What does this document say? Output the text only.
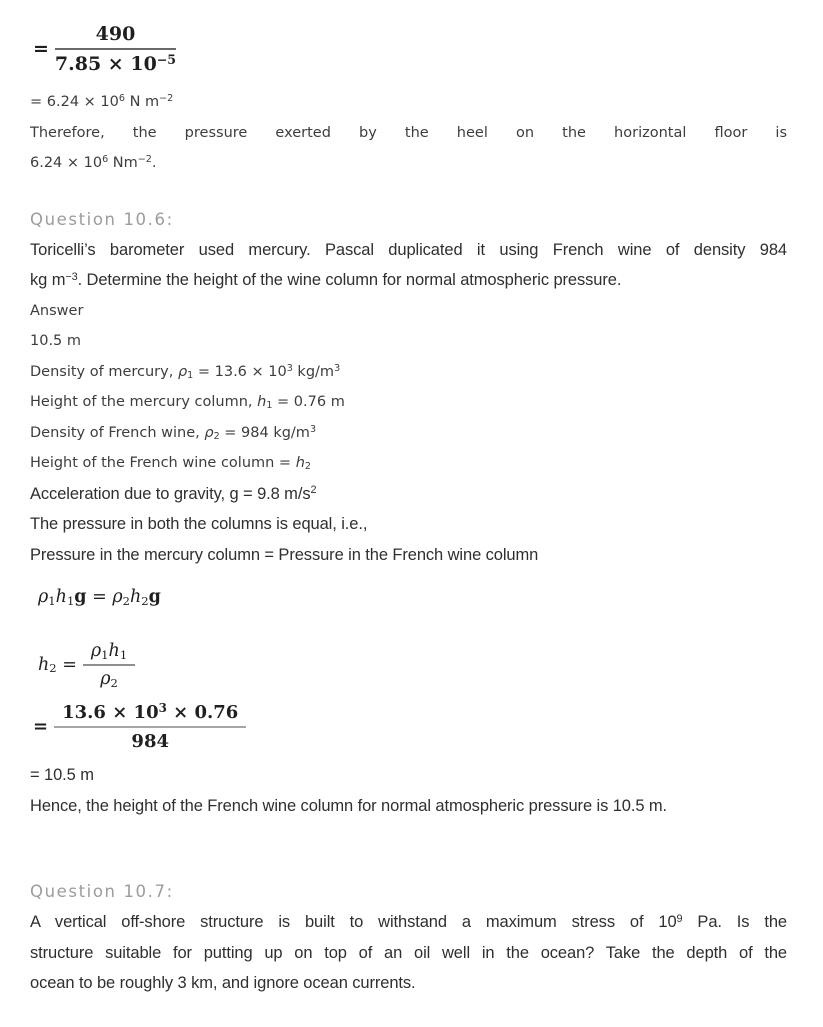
= $\frac{490}{7.85 \times 10^{-5}}$
= $6.24 \times 10^6$ N $m^{-2}$
Therefore, the pressure exerted by the heel on the horizontal floor is
$6.24 \times 10^6$ $Nm^{-2}$.
Question 10.6:
Toricelli’s barometer used mercury. Pascal duplicated it using French wine of density 984
kg $m^{-3}$. Determine the height of the wine column for normal atmospheric pressure.
Answer
10.5 m
Density of mercury, $\rho_1 = 13.6 \times 10^3$ $kg/m^3$
Height of the mercury column, $h_1 = 0.76$ m
Density of French wine, $\rho_2 = 984$ $kg/m^3$
Height of the French wine column = $h_2$
Acceleration due to gravity, g = 9.8 $m/s^2$
The pressure in both the columns is equal, i.e.,
Pressure in the mercury column = Pressure in the French wine column
$\rho_1h_1g = \rho_2h_2g$
$h_2 = \frac{\rho_1h_1}{\rho_2}$
= $\frac{13.6 \times 10^3 \times 0.76}{984}$
= 10.5 m
Hence, the height of the French wine column for normal atmospheric pressure is 10.5 m.
Question 10.7:
A vertical off-shore structure is built to withstand a maximum stress of $10^9$ Pa. Is the
structure suitable for putting up on top of an oil well in the ocean? Take the depth of the
ocean to be roughly 3 km, and ignore ocean currents.
